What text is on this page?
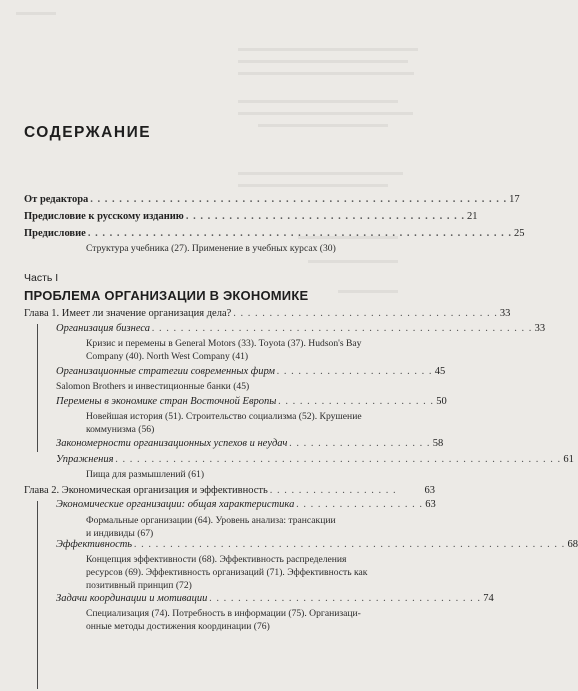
СОДЕРЖАНИЕ
От редактора . . . . . . . . . . . . . . . . . . . . . . . . . . . . . . . . . . . . . . . . . . . . . . . . . . . . . . . . . . 17
Предисловие к русскому изданию . . . . . . . . . . . . . . . . . . . . . . . . . . . . . . . . . . . . . . . 21
Предисловие . . . . . . . . . . . . . . . . . . . . . . . . . . . . . . . . . . . . . . . . . . . . . . . . . . . . . . . . . . . 25
Структура учебника (27). Применение в учебных курсах (30)
Часть I
ПРОБЛЕМА ОРГАНИЗАЦИИ В ЭКОНОМИКЕ
Глава 1. Имеет ли значение организация дела? . . . . . . . . . . . . . . . . . . . . . . . . . . . . . . . . . . . . . 33
Организация бизнеса . . . . . . . . . . . . . . . . . . . . . . . . . . . . . . . . . . . . . . . . . . . . . . . . . . . . . 33
Кризис и перемены в General Motors (33). Toyota (37). Hudson's Bay
Company (40). North West Company (41)
Организационные стратегии современных фирм . . . . . . . . . . . . . . . . . . . . . . 45
Salomon Brothers и инвестиционные банки (45)
Перемены в экономике стран Восточной Европы . . . . . . . . . . . . . . . . . . . . . . 50
Новейшая история (51). Строительство социализма (52). Крушение
коммунизма (56)
Закономерности организационных успехов и неудач . . . . . . . . . . . . . . . . . . . . 58
Упражнения . . . . . . . . . . . . . . . . . . . . . . . . . . . . . . . . . . . . . . . . . . . . . . . . . . . . . . . . . . . . . . 61
Пища для размышлений (61)
Глава 2. Экономическая организация и эффективность . . . . . . . . . . . . . . . . . .	63
Экономические организации: общая характеристика . . . . . . . . . . . . . . . . . . 63
Формальные организации (64). Уровень анализа: трансакции
и индивиды (67)
Эффективность . . . . . . . . . . . . . . . . . . . . . . . . . . . . . . . . . . . . . . . . . . . . . . . . . . . . . . . . . . . . 68
Концепция эффективности (68). Эффективность распределения
ресурсов (69). Эффективность организаций (71). Эффективность как
позитивный принцип (72)
Задачи координации и мотивации . . . . . . . . . . . . . . . . . . . . . . . . . . . . . . . . . . . . . . 74
Специализация (74). Потребность в информации (75). Организаци-
онные методы достижения координации (76)
